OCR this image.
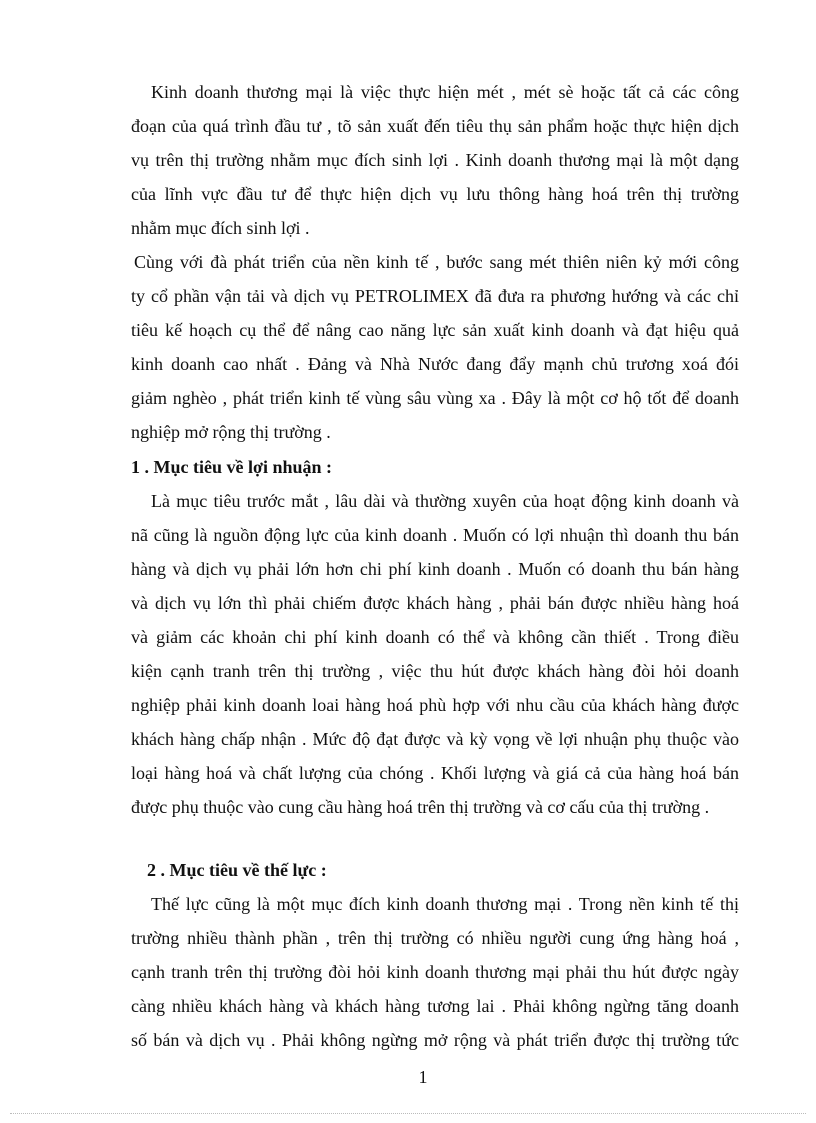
Kinh doanh thương mại là việc thực hiện mét , mét sè hoặc tất cả các công
đoạn của quá trình đầu tư , tõ sản xuất đến tiêu thụ sản phẩm hoặc thực hiện dịch
vụ trên thị trường nhằm mục đích sinh lợi . Kinh doanh thương mại là một dạng
của lĩnh vực đầu tư để thực hiện dịch vụ lưu thông hàng hoá trên thị trường
nhằm mục đích sinh lợi .
Cùng với đà phát triển của nền kinh tế , bước sang mét thiên niên kỷ mới công
ty cổ phần vận tải và dịch vụ PETROLIMEX đã đưa ra phương hướng và các chỉ
tiêu kế hoạch cụ thể để nâng cao năng lực sản xuất kinh doanh và đạt hiệu quả
kinh doanh cao nhất . Đảng và Nhà Nước đang đẩy mạnh chủ trương xoá đói
giảm nghèo , phát triển kinh tế vùng sâu vùng xa . Đây là một cơ hộ tốt để doanh
nghiệp mở rộng thị trường .
1 . Mục tiêu về lợi nhuận :
Là mục tiêu trước mắt , lâu dài và thường xuyên của hoạt động kinh doanh và
nã cũng là nguồn động lực của kinh doanh . Muốn có lợi nhuận thì doanh thu bán
hàng và dịch vụ phải lớn hơn chi phí kinh doanh . Muốn có doanh thu bán hàng
và dịch vụ lớn thì phải chiếm được khách hàng , phải bán được nhiều hàng hoá
và giảm các khoản chi phí kinh doanh có thể và không cần thiết . Trong điều
kiện cạnh tranh trên thị trường , việc thu hút được khách hàng đòi hỏi doanh
nghiệp phải kinh doanh loai hàng hoá phù hợp với nhu cầu của khách hàng được
khách hàng chấp nhận . Mức độ đạt được và kỳ vọng về lợi nhuận phụ thuộc vào
loại hàng hoá và chất lượng của chóng . Khối lượng và giá cả của hàng hoá bán
được phụ thuộc vào cung cầu hàng hoá trên thị trường và cơ cấu của thị trường .
2 . Mục tiêu về thế lực :
Thế lực cũng là một mục đích kinh doanh thương mại . Trong nền kinh tế thị
trường nhiều thành phần , trên thị trường có nhiều người cung ứng hàng hoá ,
cạnh tranh trên thị trường đòi hỏi kinh doanh thương mại phải thu hút được ngày
càng nhiều khách hàng và khách hàng tương lai . Phải không ngừng tăng doanh
số bán và dịch vụ . Phải không ngừng mở rộng và phát triển được thị trường tức
1
